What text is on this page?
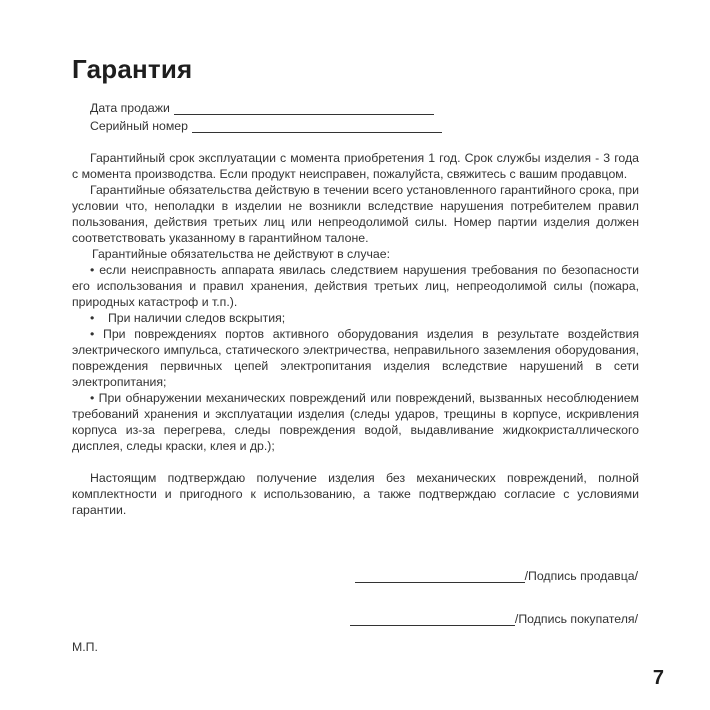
Гарантия
Дата продажи
Серийный номер

Гарантийный срок эксплуатации с момента приобретения 1 год. Срок службы изделия - 3 года с момента производства. Если продукт неисправен, пожалуйста, свяжитесь с вашим продавцом.

Гарантийные обязательства действую в течении всего установленного гарантийного срока, при условии что, неполадки в изделии не возникли вследствие нарушения потребителем правил пользования, действия третьих лиц или непреодолимой силы. Номер партии изделия должен соответствовать указанному в гарантийном талоне.

Гарантийные обязательства не действуют в случае:

• если неисправность аппарата явилась следствием нарушения требования по безопасности его использования и правил хранения, действия третьих лиц, непреодолимой силы (пожара, природных катастроф и т.п.).

•    При наличии следов вскрытия;

• При повреждениях портов активного оборудования изделия в результате воздействия электрического импульса, статического электричества, неправильного заземления оборудования, повреждения первичных цепей электропитания изделия вследствие нарушений в сети электропитания;

• При обнаружении механических повреждений или повреждений, вызванных несоблюдением требований хранения и эксплуатации изделия (следы ударов, трещины в корпусе, искривления корпуса из-за перегрева, следы повреждения водой, выдавливание жидкокристаллического дисплея, следы краски, клея и др.);

Настоящим подтверждаю получение изделия без механических повреждений, полной комплектности и пригодного к использованию, а также подтверждаю согласие с условиями гарантии.

/Подпись продавца/
/Подпись покупателя/
М.П.
7
